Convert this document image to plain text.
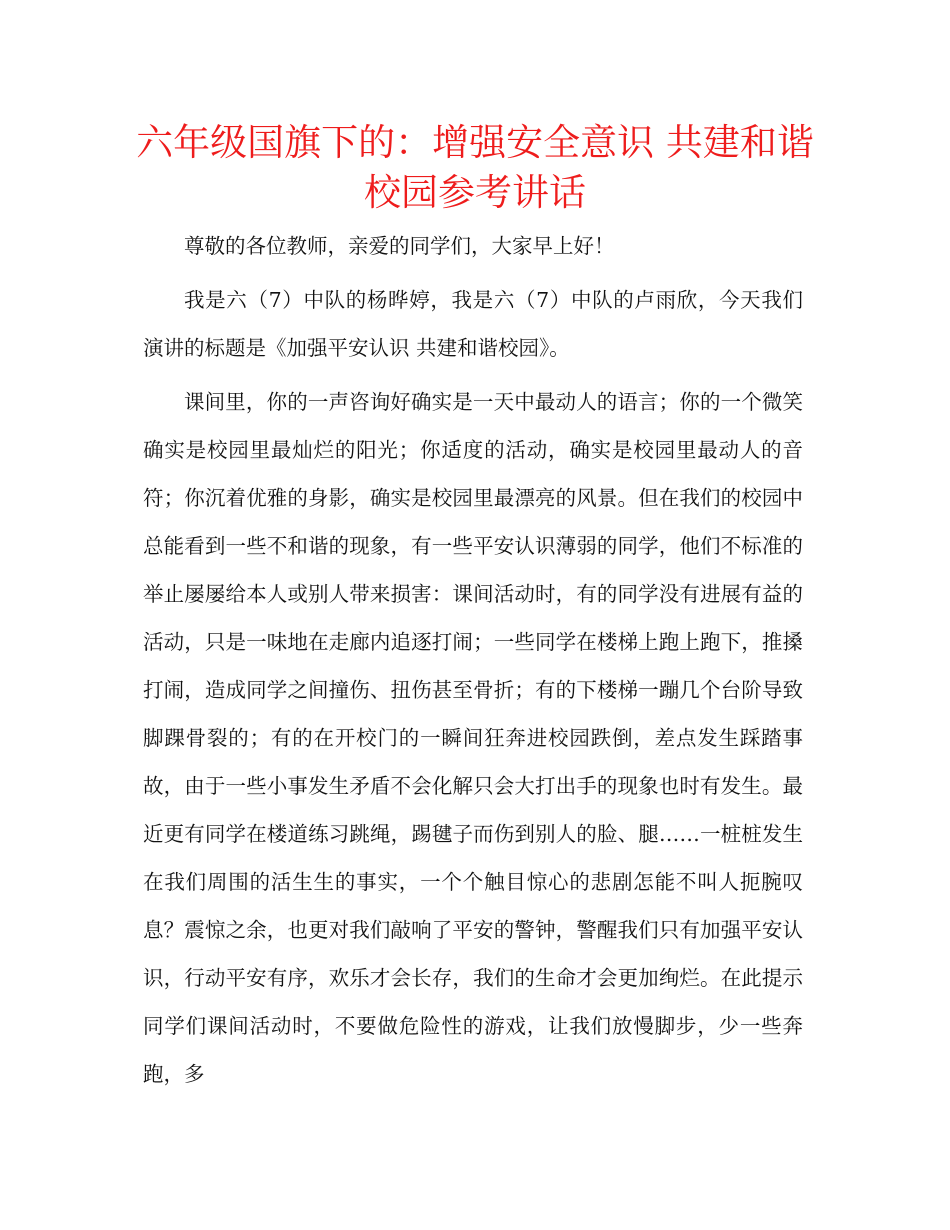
六年级国旗下的：增强安全意识 共建和谐校园参考讲话

尊敬的各位教师，亲爱的同学们，大家早上好！

我是六（7）中队的杨晔婷，我是六（7）中队的卢雨欣，今天我们演讲的标题是《加强平安认识 共建和谐校园》。

课间里，你的一声咨询好确实是一天中最动人的语言；你的一个微笑确实是校园里最灿烂的阳光；你适度的活动，确实是校园里最动人的音符；你沉着优雅的身影，确实是校园里最漂亮的风景。但在我们的校园中总能看到一些不和谐的现象，有一些平安认识薄弱的同学，他们不标准的举止屡屡给本人或别人带来损害：课间活动时，有的同学没有进展有益的活动，只是一味地在走廊内追逐打闹；一些同学在楼梯上跑上跑下，推搡打闹，造成同学之间撞伤、扭伤甚至骨折；有的下楼梯一蹦几个台阶导致脚踝骨裂的；有的在开校门的一瞬间狂奔进校园跌倒，差点发生踩踏事故，由于一些小事发生矛盾不会化解只会大打出手的现象也时有发生。最近更有同学在楼道练习跳绳，踢毽子而伤到别人的脸、腿……一桩桩发生在我们周围的活生生的事实，一个个触目惊心的悲剧怎能不叫人扼腕叹息？震惊之余，也更对我们敲响了平安的警钟，警醒我们只有加强平安认识，行动平安有序，欢乐才会长存，我们的生命才会更加绚烂。在此提示同学们课间活动时，不要做危险性的游戏，让我们放慢脚步，少一些奔跑，多
